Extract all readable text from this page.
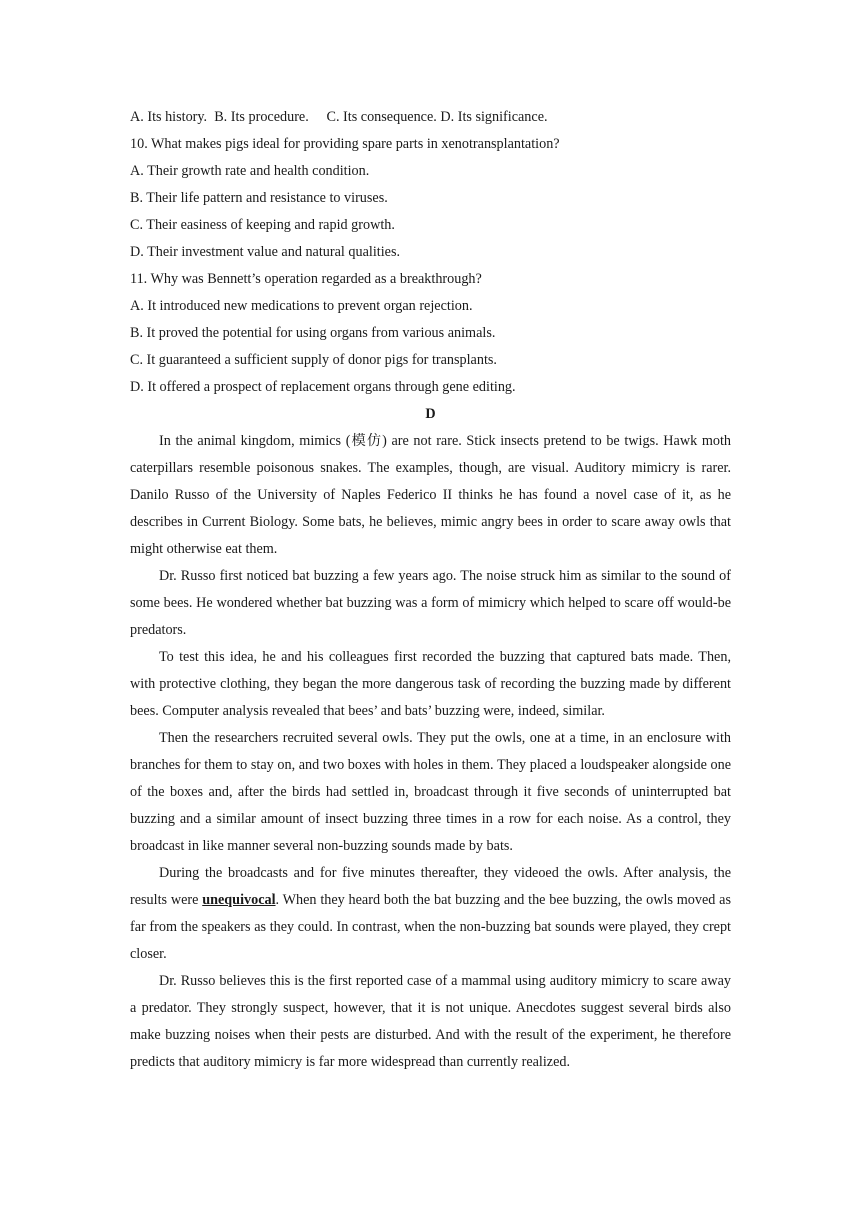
A. Its history. B. Its procedure. C. Its consequence. D. Its significance.

10. What makes pigs ideal for providing spare parts in xenotransplantation?

A. Their growth rate and health condition.

B. Their life pattern and resistance to viruses.

C. Their easiness of keeping and rapid growth.

D. Their investment value and natural qualities.

11. Why was Bennett’s operation regarded as a breakthrough?

A. It introduced new medications to prevent organ rejection.

B. It proved the potential for using organs from various animals.

C. It guaranteed a sufficient supply of donor pigs for transplants.

D. It offered a prospect of replacement organs through gene editing.

D

In the animal kingdom, mimics (模仿) are not rare. Stick insects pretend to be twigs. Hawk moth caterpillars resemble poisonous snakes. The examples, though, are visual. Auditory mimicry is rarer. Danilo Russo of the University of Naples Federico II thinks he has found a novel case of it, as he describes in Current Biology. Some bats, he believes, mimic angry bees in order to scare away owls that might otherwise eat them.

Dr. Russo first noticed bat buzzing a few years ago. The noise struck him as similar to the sound of some bees. He wondered whether bat buzzing was a form of mimicry which helped to scare off would-be predators.

To test this idea, he and his colleagues first recorded the buzzing that captured bats made. Then, with protective clothing, they began the more dangerous task of recording the buzzing made by different bees. Computer analysis revealed that bees’ and bats’ buzzing were, indeed, similar.

Then the researchers recruited several owls. They put the owls, one at a time, in an enclosure with branches for them to stay on, and two boxes with holes in them. They placed a loudspeaker alongside one of the boxes and, after the birds had settled in, broadcast through it five seconds of uninterrupted bat buzzing and a similar amount of insect buzzing three times in a row for each noise. As a control, they broadcast in like manner several non-buzzing sounds made by bats.

During the broadcasts and for five minutes thereafter, they videoed the owls. After analysis, the results were unequivocal. When they heard both the bat buzzing and the bee buzzing, the owls moved as far from the speakers as they could. In contrast, when the non-buzzing bat sounds were played, they crept closer.

Dr. Russo believes this is the first reported case of a mammal using auditory mimicry to scare away a predator. They strongly suspect, however, that it is not unique. Anecdotes suggest several birds also make buzzing noises when their pests are disturbed. And with the result of the experiment, he therefore predicts that auditory mimicry is far more widespread than currently realized.
